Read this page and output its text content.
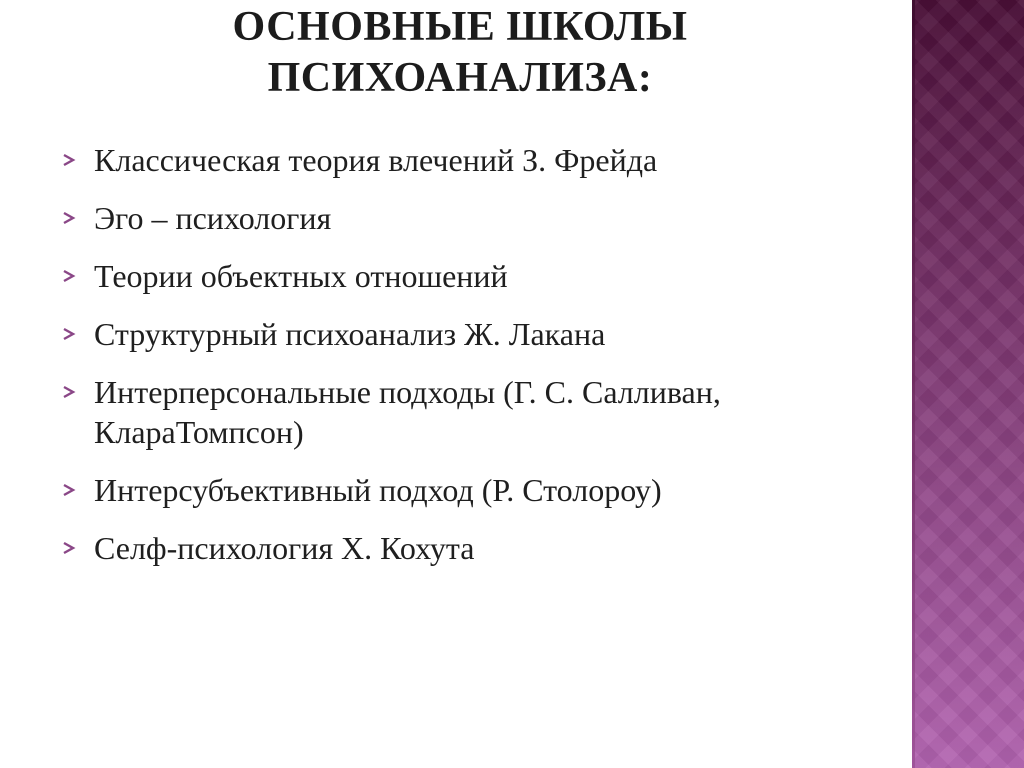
ОСНОВНЫЕ ШКОЛЫ
ПСИХОАНАЛИЗА:
Классическая теория влечений З. Фрейда
Эго – психология
Теории объектных отношений
Структурный психоанализ Ж. Лакана
Интерперсональные подходы (Г. С. Салливан, КлараТомпсон)
Интерсубъективный подход (Р. Столороу)
Селф-психология Х. Кохута
